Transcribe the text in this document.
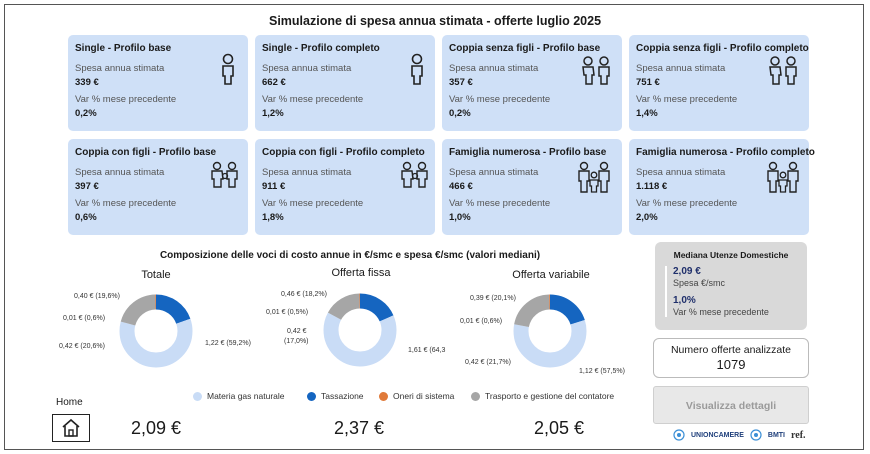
Simulazione di spesa annua stimata - offerte luglio 2025
Single - Profilo base
Spesa annua stimata
339 €
Var % mese precedente
0,2%
Single - Profilo completo
Spesa annua stimata
662 €
Var % mese precedente
1,2%
Coppia senza figli - Profilo base
Spesa annua stimata
357 €
Var % mese precedente
0,2%
Coppia senza figli - Profilo completo
Spesa annua stimata
751 €
Var % mese precedente
1,4%
Coppia con figli - Profilo base
Spesa annua stimata
397 €
Var % mese precedente
0,6%
Coppia con figli - Profilo completo
Spesa annua stimata
911 €
Var % mese precedente
1,8%
Famiglia numerosa - Profilo base
Spesa annua stimata
466 €
Var % mese precedente
1,0%
Famiglia numerosa - Profilo completo
Spesa annua stimata
1.118 €
Var % mese precedente
2,0%
Composizione delle voci di costo annue in €/smc e spesa €/smc (valori mediani)
Totale	Offerta fissa	Offerta variabile
0,40 € (19,6%)
0,01 € (0,6%)
0,42 € (20,6%)	1,22 € (59,2%)
0,46 € (18,2%)
0,01 € (0,5%)
0,42 €
(17,0%)
1,61 € (64,3
0,39 € (20,1%)
0,01 € (0,6%)
0,42 € (21,7%)
1,12 € (57,5%)
Materia gas naturale	Tassazione	Oneri di sistema	Trasporto e gestione del contatore
2,09 €	2,37 €	2,05 €
Home
Mediana Utenze Domestiche
2,09 €
Spesa €/smc
1,0%
Var % mese precedente
Numero offerte analizzate
1079
Visualizza dettagli
UNIONCAMERE	BMTI ref.
